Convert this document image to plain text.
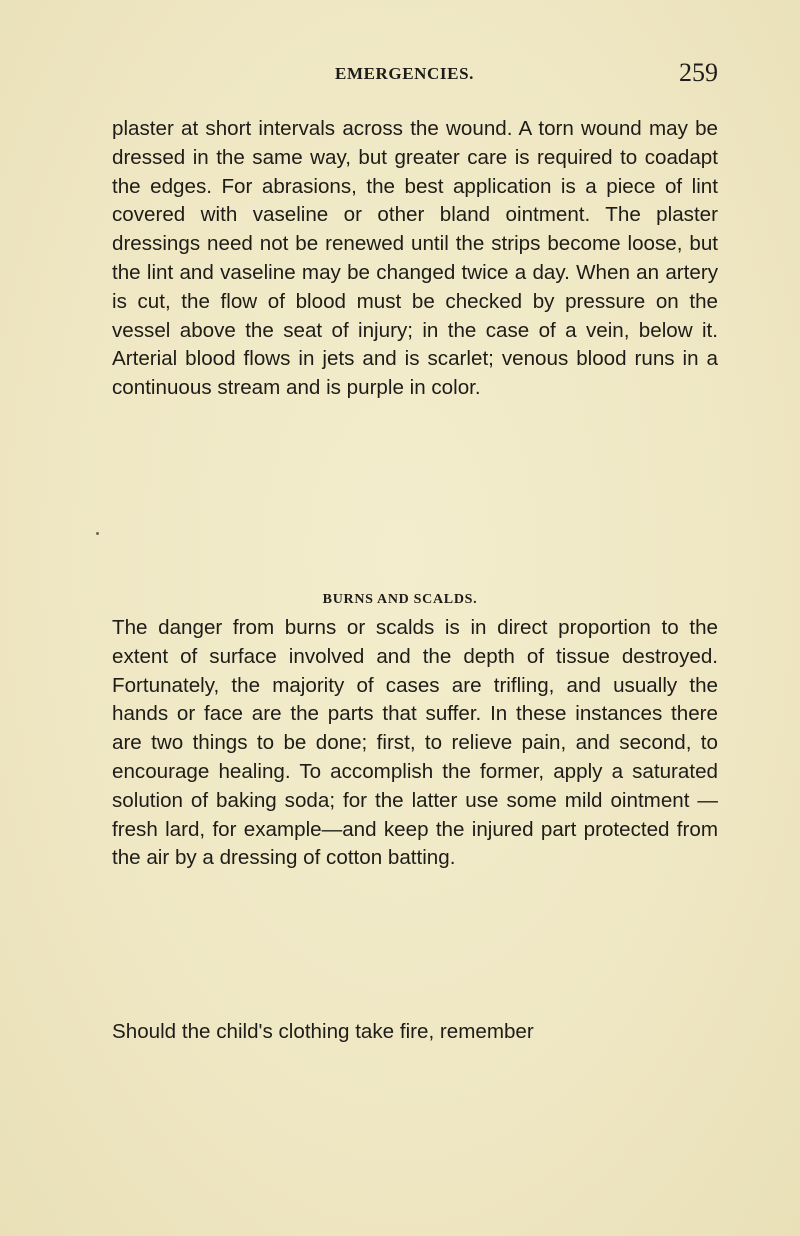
EMERGENCIES.	259

plaster at short intervals across the wound. A torn wound may be dressed in the same way, but greater care is required to coadapt the edges. For abrasions, the best application is a piece of lint covered with vaseline or other bland ointment. The plaster dressings need not be renewed until the strips become loose, but the lint and vaseline may be changed twice a day. When an artery is cut, the flow of blood must be checked by pressure on the vessel above the seat of injury; in the case of a vein, below it. Arterial blood flows in jets and is scarlet; venous blood runs in a continuous stream and is purple in color.

BURNS AND SCALDS.

The danger from burns or scalds is in direct proportion to the extent of surface involved and the depth of tissue destroyed. Fortunately, the majority of cases are trifling, and usually the hands or face are the parts that suffer. In these instances there are two things to be done; first, to relieve pain, and second, to encourage healing. To accomplish the former, apply a saturated solution of baking soda; for the latter use some mild ointment —fresh lard, for example—and keep the injured part protected from the air by a dressing of cotton batting.

Should the child's clothing take fire, remember
